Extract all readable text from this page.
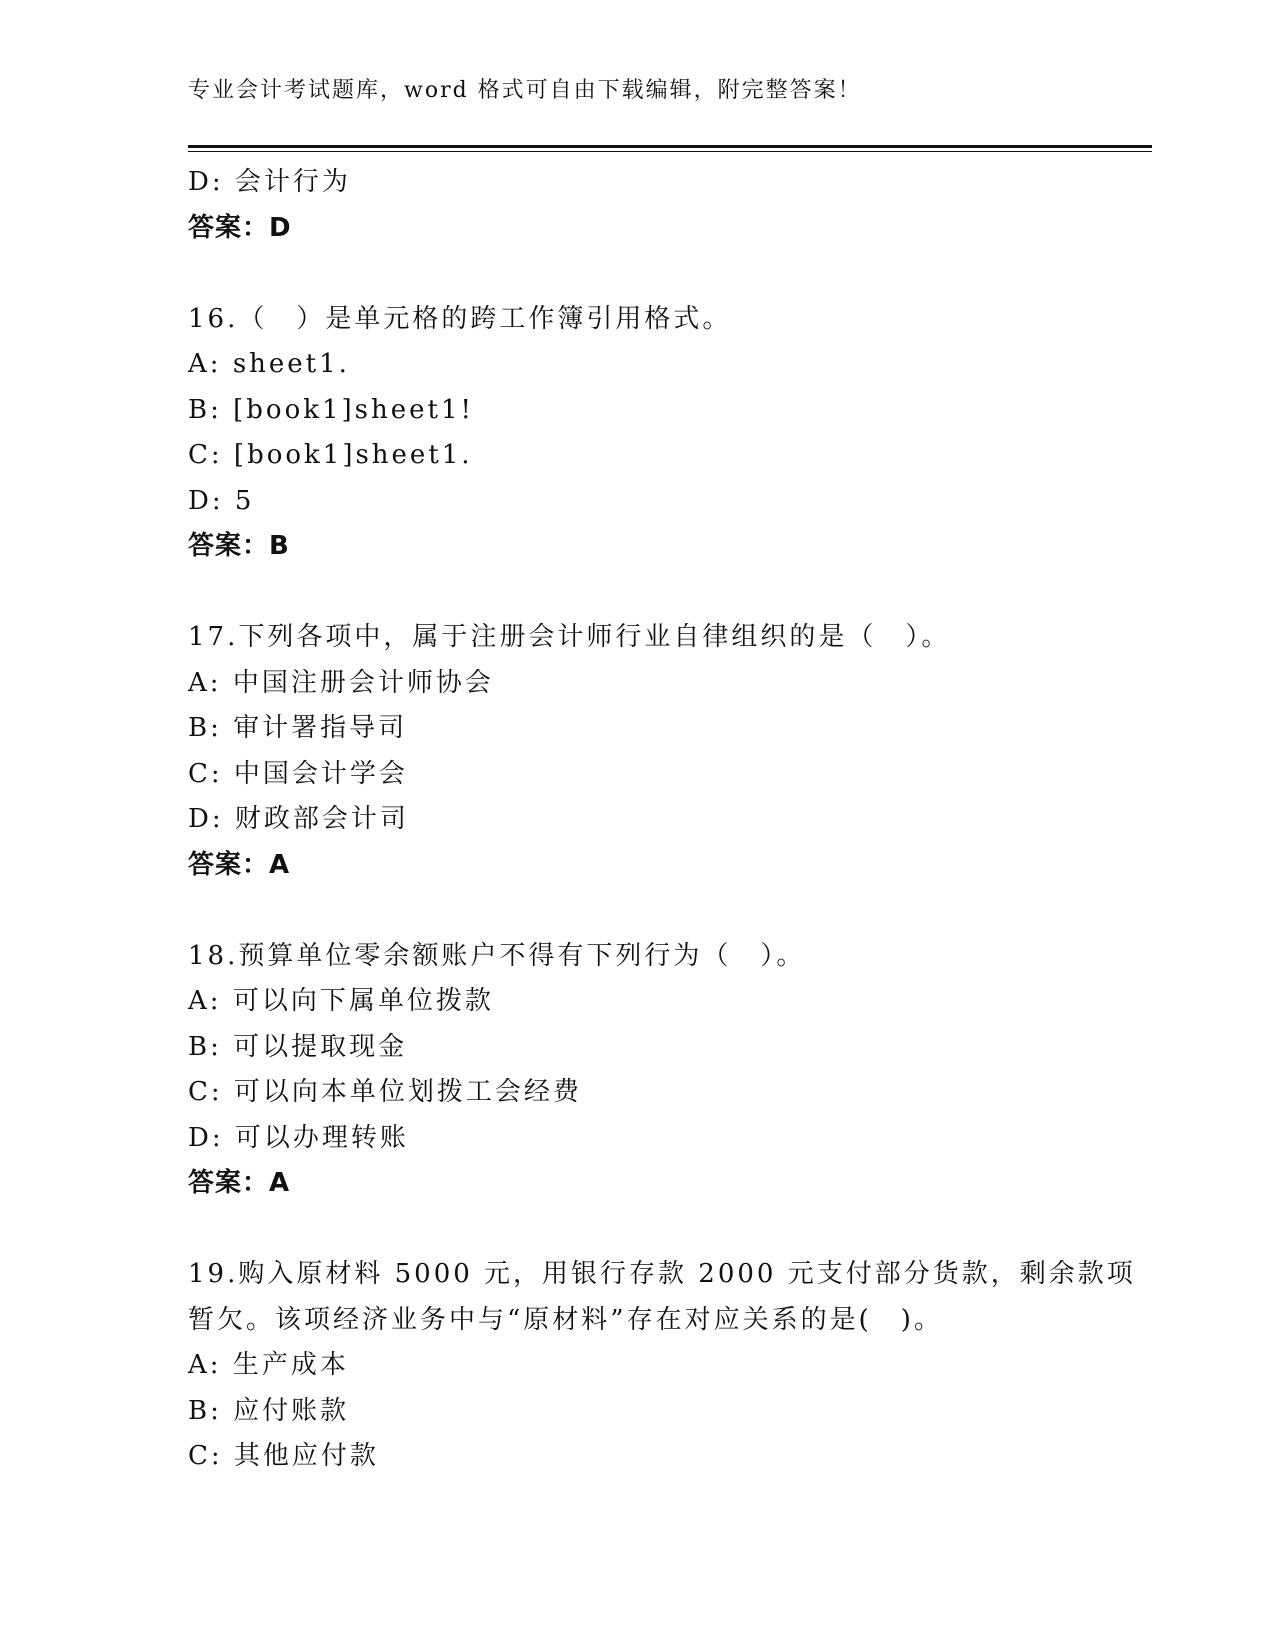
专业会计考试题库，word 格式可自由下载编辑，附完整答案！
D: 会计行为
答案：D
16.（　）是单元格的跨工作簿引用格式。
A: sheet1.
B: [book1]sheet1!
C: [book1]sheet1.
D: 5
答案：B
17.下列各项中，属于注册会计师行业自律组织的是（　）。
A: 中国注册会计师协会
B: 审计署指导司
C: 中国会计学会
D: 财政部会计司
答案：A
18.预算单位零余额账户不得有下列行为（　）。
A: 可以向下属单位拨款
B: 可以提取现金
C: 可以向本单位划拨工会经费
D: 可以办理转账
答案：A
19.购入原材料 5000 元，用银行存款 2000 元支付部分货款，剩余款项
暂欠。该项经济业务中与“原材料”存在对应关系的是(　)。
A: 生产成本
B: 应付账款
C: 其他应付款
